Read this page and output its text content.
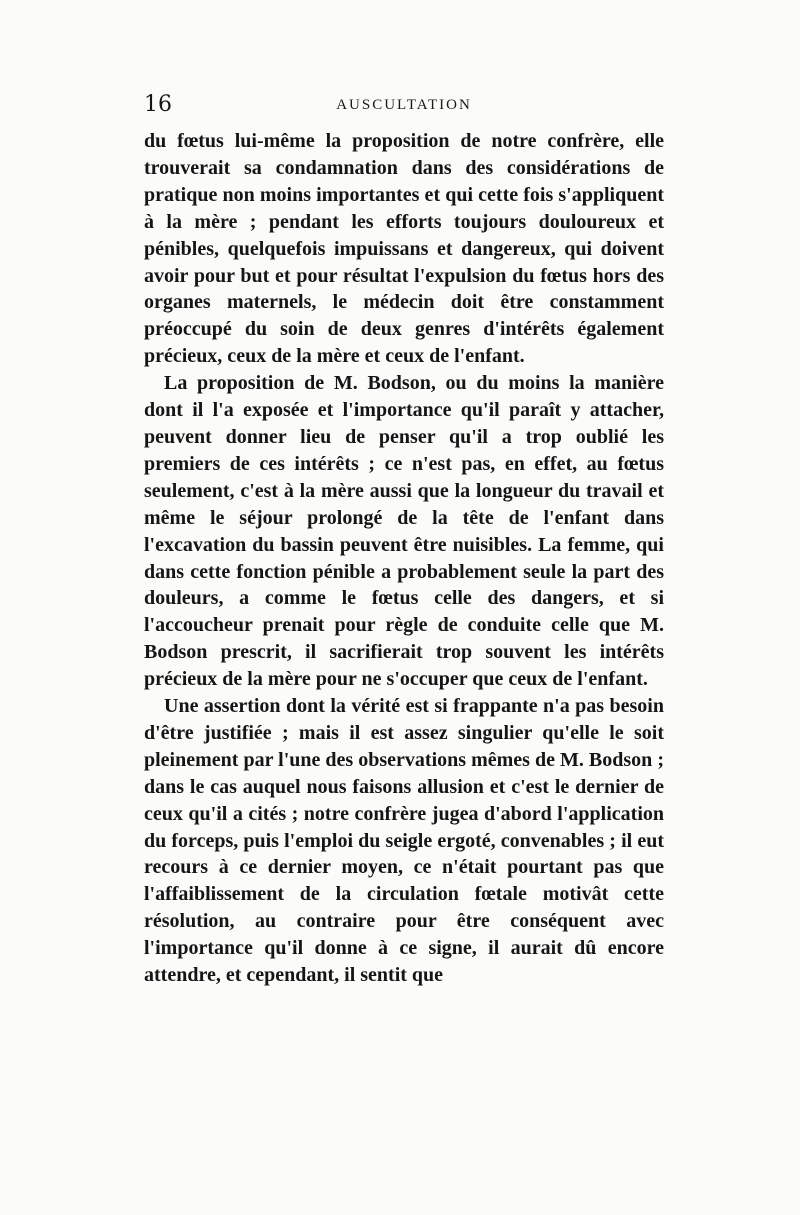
16	AUSCULTATION

du fœtus lui-même la proposition de notre confrère, elle trouverait sa condamnation dans des considérations de pratique non moins importantes et qui cette fois s'appliquent à la mère ; pendant les efforts toujours douloureux et pénibles, quelquefois impuissans et dangereux, qui doivent avoir pour but et pour résultat l'expulsion du fœtus hors des organes maternels, le médecin doit être constamment préoccupé du soin de deux genres d'intérêts également précieux, ceux de la mère et ceux de l'enfant.

La proposition de M. Bodson, ou du moins la manière dont il l'a exposée et l'importance qu'il paraît y attacher, peuvent donner lieu de penser qu'il a trop oublié les premiers de ces intérêts ; ce n'est pas, en effet, au fœtus seulement, c'est à la mère aussi que la longueur du travail et même le séjour prolongé de la tête de l'enfant dans l'excavation du bassin peuvent être nuisibles. La femme, qui dans cette fonction pénible a probablement seule la part des douleurs, a comme le fœtus celle des dangers, et si l'accoucheur prenait pour règle de conduite celle que M. Bodson prescrit, il sacrifierait trop souvent les intérêts précieux de la mère pour ne s'occuper que ceux de l'enfant.

Une assertion dont la vérité est si frappante n'a pas besoin d'être justifiée ; mais il est assez singulier qu'elle le soit pleinement par l'une des observations mêmes de M. Bodson ; dans le cas auquel nous faisons allusion et c'est le dernier de ceux qu'il a cités ; notre confrère jugea d'abord l'application du forceps, puis l'emploi du seigle ergoté, convenables ; il eut recours à ce dernier moyen, ce n'était pourtant pas que l'affaiblissement de la circulation fœtale motivât cette résolution, au contraire pour être conséquent avec l'importance qu'il donne à ce signe, il aurait dû encore attendre, et cependant, il sentit que
